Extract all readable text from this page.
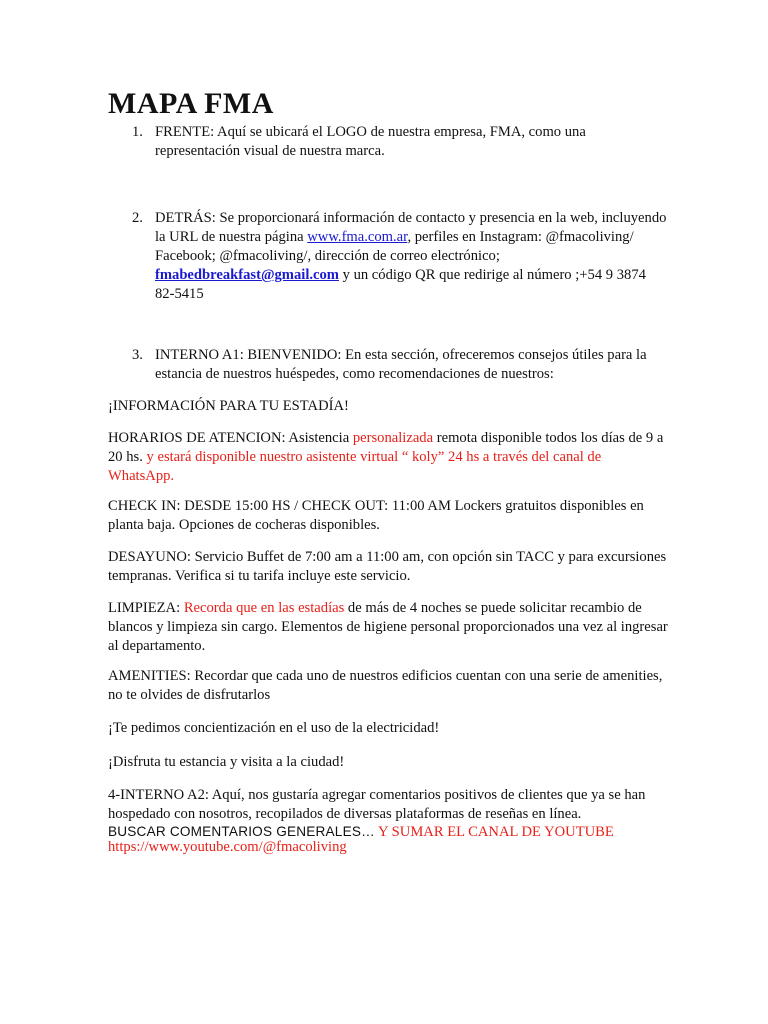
MAPA FMA
1. FRENTE: Aquí se ubicará el LOGO de nuestra empresa, FMA, como una representación visual de nuestra marca.
2. DETRÁS: Se proporcionará información de contacto y presencia en la web, incluyendo la URL de nuestra página www.fma.com.ar, perfiles en Instagram: @fmacoliving/ Facebook; @fmacoliving/, dirección de correo electrónico; fmabedbreakfast@gmail.com y un código QR que redirige al número ;+54 9 3874 82-5415
3. INTERNO A1: BIENVENIDO: En esta sección, ofreceremos consejos útiles para la estancia de nuestros huéspedes, como recomendaciones de nuestros:

¡INFORMACIÓN PARA TU ESTADÍA!

HORARIOS DE ATENCION: Asistencia personalizada remota disponible todos los días de 9 a 20 hs. y estará disponible nuestro asistente virtual “ koly” 24 hs a través del canal de WhatsApp.

CHECK IN: DESDE 15:00 HS / CHECK OUT: 11:00 AM Lockers gratuitos disponibles en planta baja. Opciones de cocheras disponibles.

DESAYUNO: Servicio Buffet de 7:00 am a 11:00 am, con opción sin TACC y para excursiones tempranas. Verifica si tu tarifa incluye este servicio.

LIMPIEZA: Recorda que en las estadías de más de 4 noches se puede solicitar recambio de blancos y limpieza sin cargo. Elementos de higiene personal proporcionados una vez al ingresar al departamento.

AMENITIES: Recordar que cada uno de nuestros edificios cuentan con una serie de amenities, no te olvides de disfrutarlos

¡Te pedimos concientización en el uso de la electricidad!

¡Disfruta tu estancia y visita a la ciudad!

4-INTERNO A2: Aquí, nos gustaría agregar comentarios positivos de clientes que ya se han hospedado con nosotros, recopilados de diversas plataformas de reseñas en línea.

BUSCAR COMENTARIOS GENERALES… Y SUMAR EL CANAL DE YOUTUBE

https://www.youtube.com/@fmacoliving
